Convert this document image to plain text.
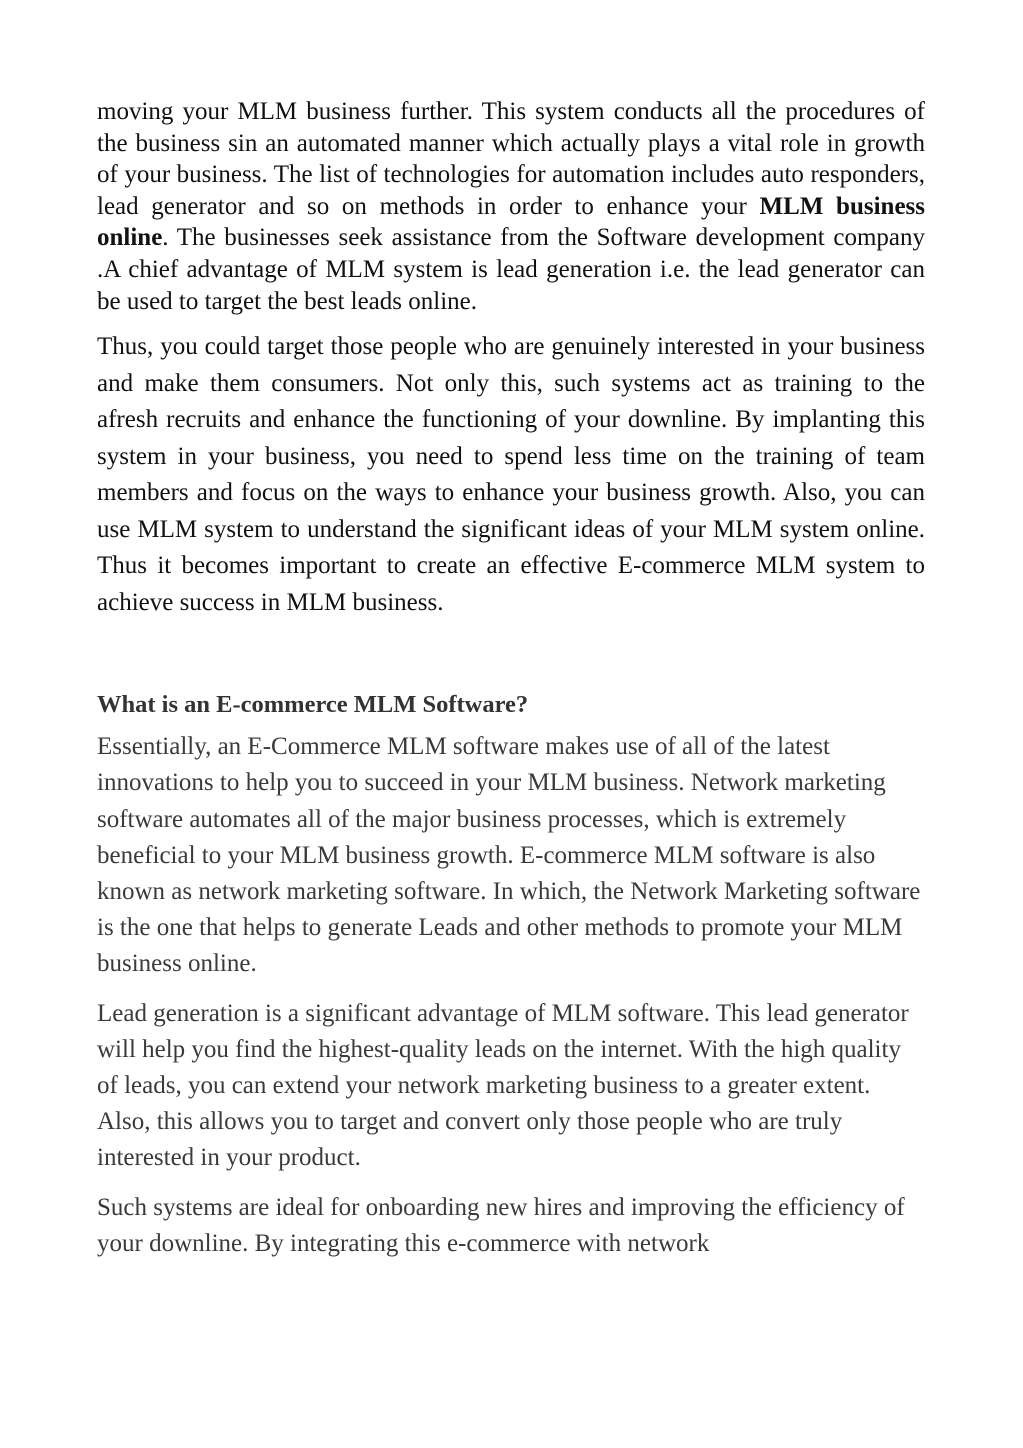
moving your MLM business further. This system conducts all the procedures of the business sin an automated manner which actually plays a vital role in growth of your business. The list of technologies for automation includes auto responders, lead generator and so on methods in order to enhance your MLM business online. The businesses seek assistance from the Software development company .A chief advantage of MLM system is lead generation i.e. the lead generator can be used to target the best leads online.

Thus, you could target those people who are genuinely interested in your business and make them consumers. Not only this, such systems act as training to the afresh recruits and enhance the functioning of your downline. By implanting this system in your business, you need to spend less time on the training of team members and focus on the ways to enhance your business growth. Also, you can use MLM system to understand the significant ideas of your MLM system online. Thus it becomes important to create an effective E-commerce MLM system to achieve success in MLM business.

What is an E-commerce MLM Software?

Essentially, an E-Commerce MLM software makes use of all of the latest innovations to help you to succeed in your MLM business. Network marketing software automates all of the major business processes, which is extremely beneficial to your MLM business growth. E-commerce MLM software is also known as network marketing software. In which, the Network Marketing software is the one that helps to generate Leads and other methods to promote your MLM business online.

Lead generation is a significant advantage of MLM software. This lead generator will help you find the highest-quality leads on the internet. With the high quality of leads, you can extend your network marketing business to a greater extent. Also, this allows you to target and convert only those people who are truly interested in your product.

Such systems are ideal for onboarding new hires and improving the efficiency of your downline. By integrating this e-commerce with network
